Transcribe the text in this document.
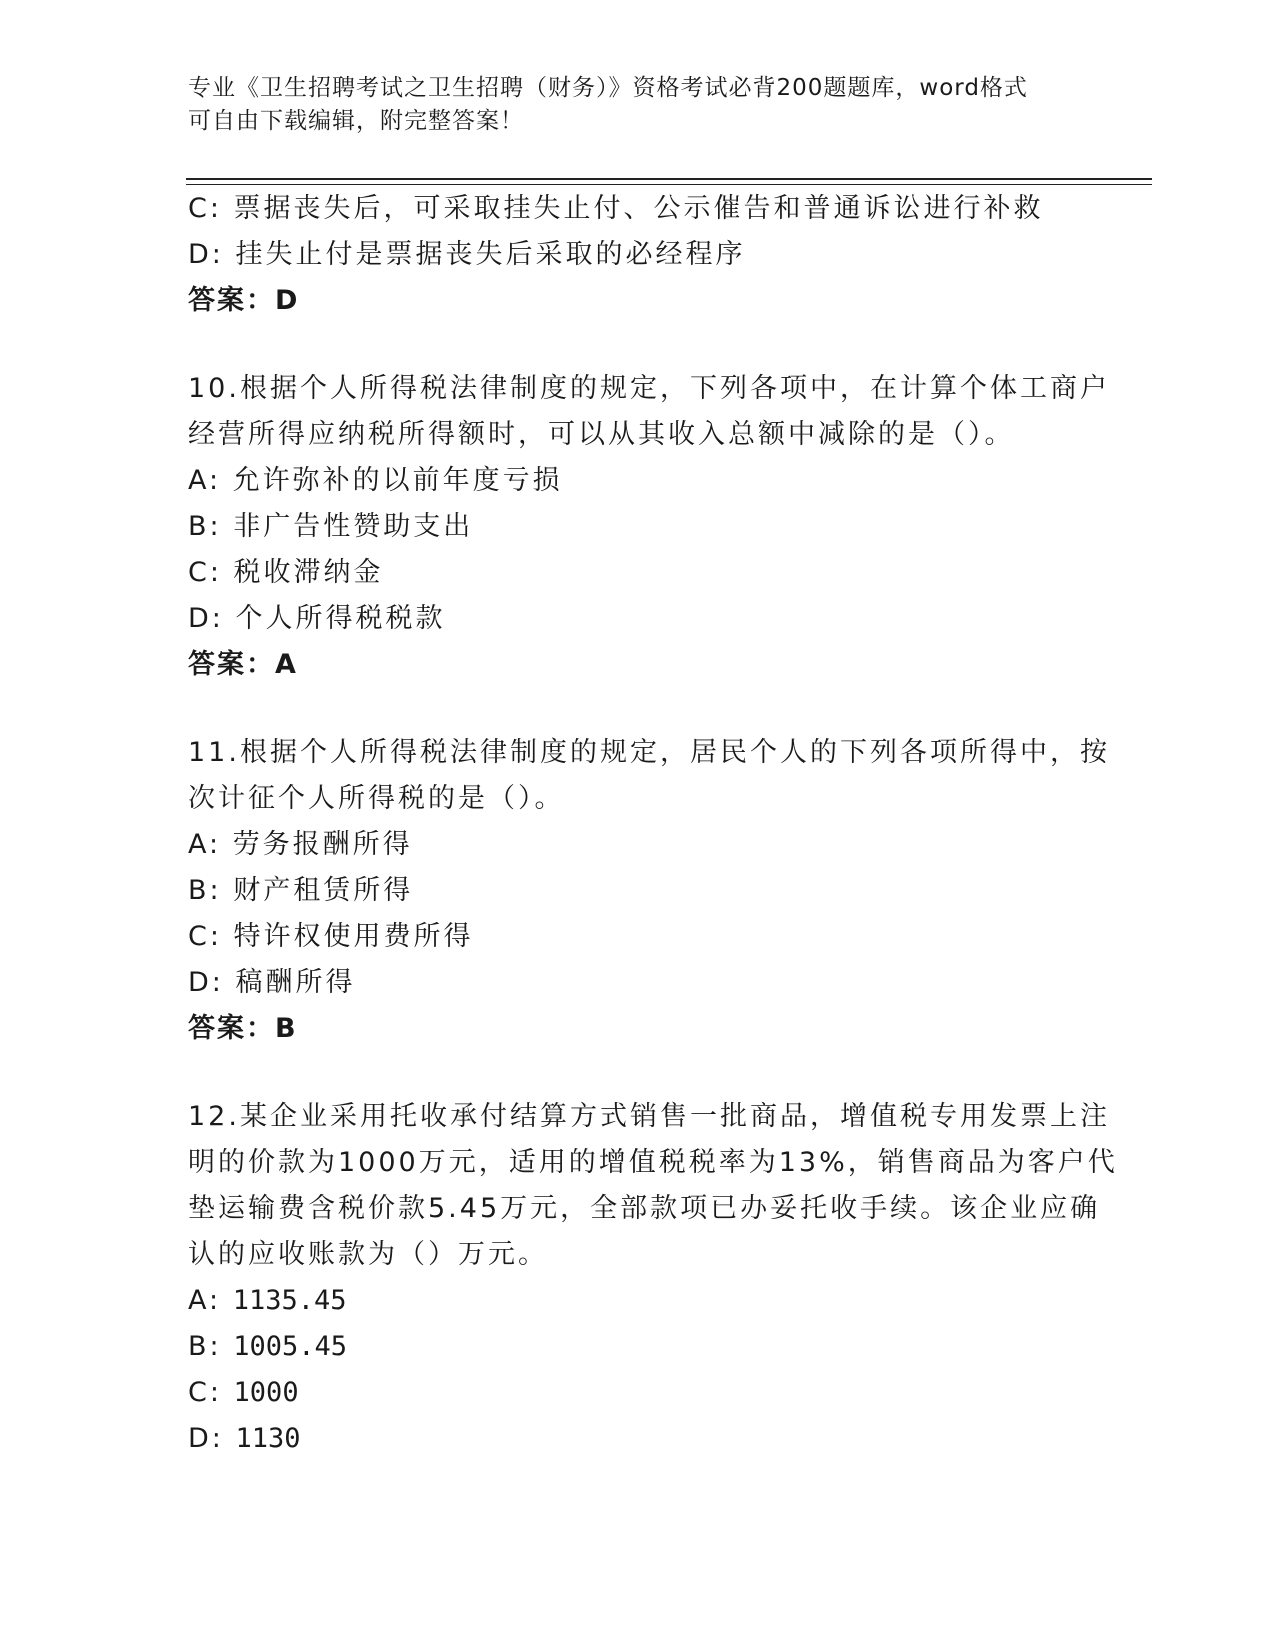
专业《卫生招聘考试之卫生招聘（财务）》资格考试必背200题题库，word格式
可自由下载编辑，附完整答案！
C: 票据丧失后，可采取挂失止付、公示催告和普通诉讼进行补救
D: 挂失止付是票据丧失后采取的必经程序
答案：D
10.根据个人所得税法律制度的规定，下列各项中，在计算个体工商户
经营所得应纳税所得额时，可以从其收入总额中减除的是（）。
A: 允许弥补的以前年度亏损
B: 非广告性赞助支出
C: 税收滞纳金
D: 个人所得税税款
答案：A
11.根据个人所得税法律制度的规定，居民个人的下列各项所得中，按
次计征个人所得税的是（）。
A: 劳务报酬所得
B: 财产租赁所得
C: 特许权使用费所得
D: 稿酬所得
答案：B
12.某企业采用托收承付结算方式销售一批商品，增值税专用发票上注
明的价款为1000万元，适用的增值税税率为13%，销售商品为客户代
垫运输费含税价款5.45万元，全部款项已办妥托收手续。该企业应确
认的应收账款为（）万元。
A: 1135.45
B: 1005.45
C: 1000
D: 1130
